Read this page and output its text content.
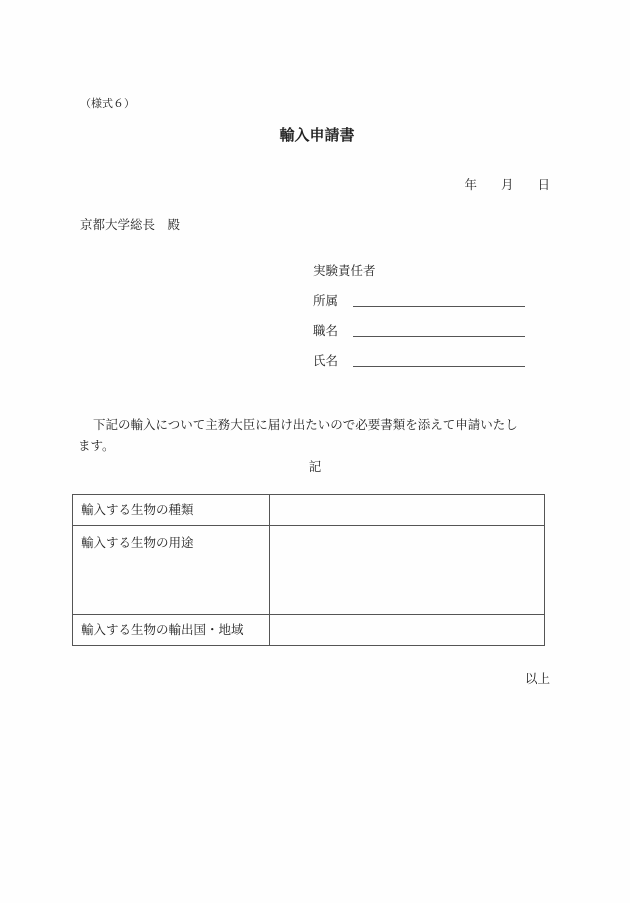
（様式６）
輸入申請書
年 月 日
京都大学総長　殿
実験責任者
所属
職名
氏名
下記の輸入について主務大臣に届け出たいので必要書類を添えて申請いたし
ます。
記
輸入する生物の種類	
輸入する生物の用途	
輸入する生物の輸出国・地域	
以上
